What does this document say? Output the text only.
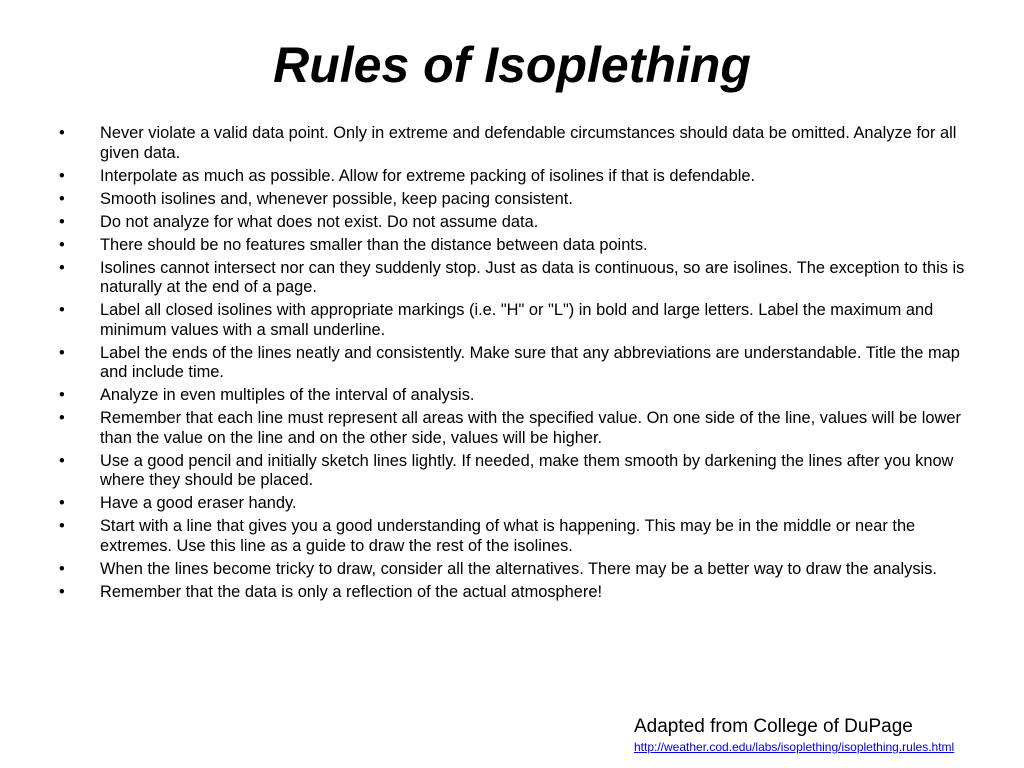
Rules of Isoplething
• Never violate a valid data point. Only in extreme and defendable circumstances should data be omitted. Analyze for all given data.
• Interpolate as much as possible. Allow for extreme packing of isolines if that is defendable.
• Smooth isolines and, whenever possible, keep pacing consistent.
• Do not analyze for what does not exist. Do not assume data.
• There should be no features smaller than the distance between data points.
• Isolines cannot intersect nor can they suddenly stop. Just as data is continuous, so are isolines. The exception to this is naturally at the end of a page.
• Label all closed isolines with appropriate markings (i.e. "H" or "L") in bold and large letters. Label the maximum and minimum values with a small underline.
• Label the ends of the lines neatly and consistently. Make sure that any abbreviations are understandable. Title the map and include time.
• Analyze in even multiples of the interval of analysis.
• Remember that each line must represent all areas with the specified value. On one side of the line, values will be lower than the value on the line and on the other side, values will be higher.
• Use a good pencil and initially sketch lines lightly. If needed, make them smooth by darkening the lines after you know where they should be placed.
• Have a good eraser handy.
• Start with a line that gives you a good understanding of what is happening. This may be in the middle or near the extremes. Use this line as a guide to draw the rest of the isolines.
• When the lines become tricky to draw, consider all the alternatives. There may be a better way to draw the analysis.
• Remember that the data is only a reflection of the actual atmosphere!
Adapted from College of DuPage
http://weather.cod.edu/labs/isoplething/isoplething.rules.html
